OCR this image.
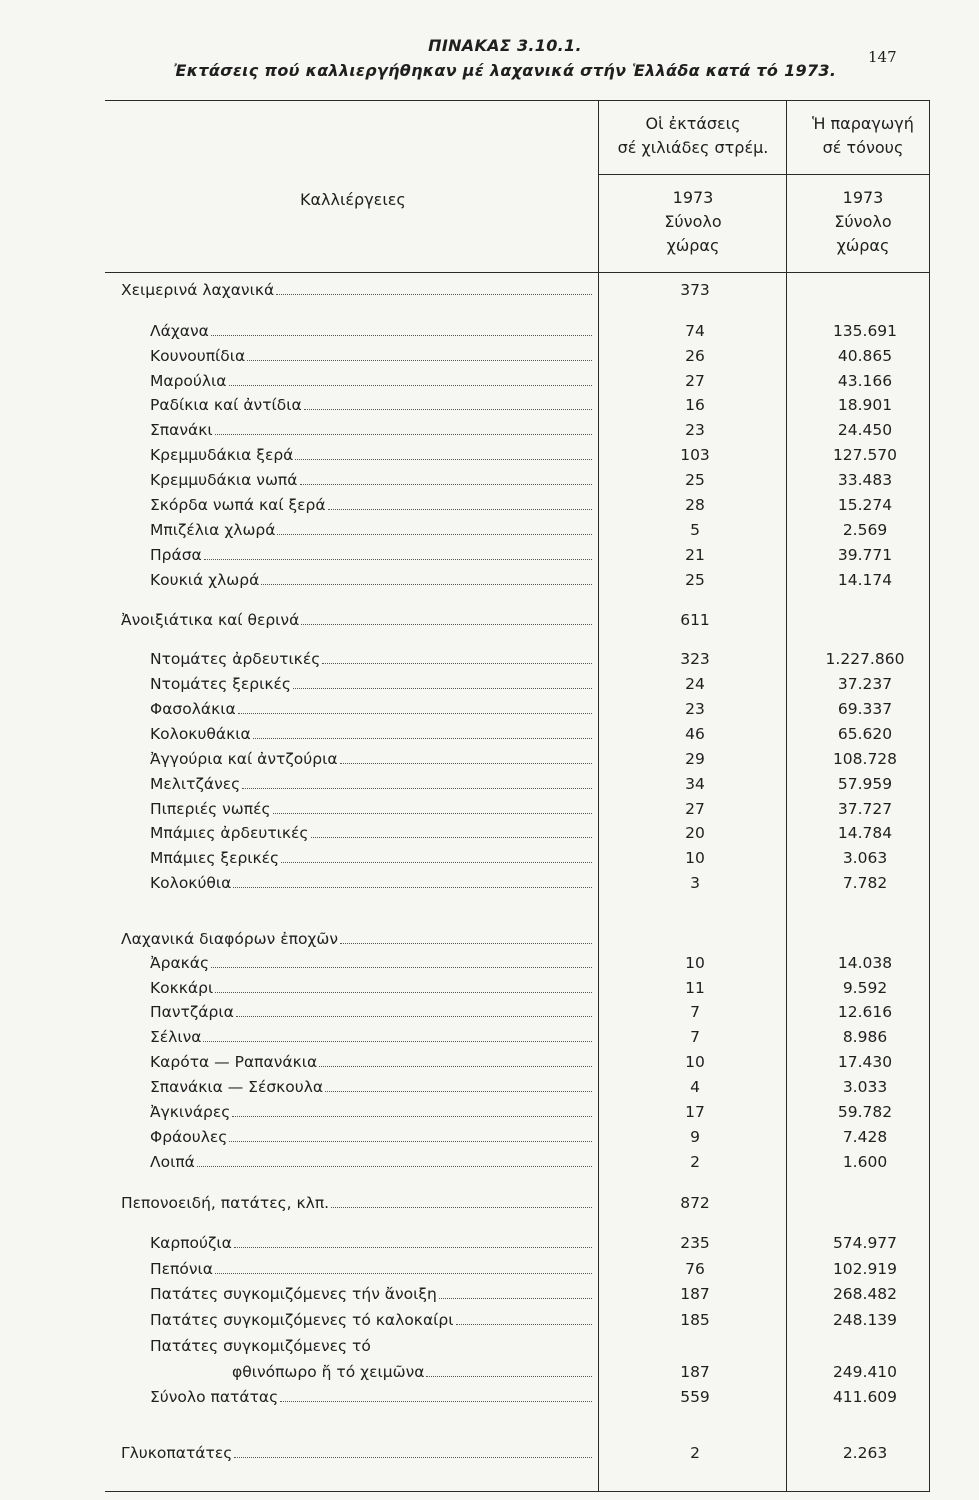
147
ΠΙΝΑΚΑΣ 3.10.1.
Ἐκτάσεις πού καλλιεργήθηκαν μέ λαχανικά στήν Ἑλλάδα κατά τό 1973.
Οἱ ἐκτάσεις
σέ χιλιάδες στρέμ.
1973
Σύνολο
χώρας
Ἡ παραγωγή
σέ τόνους
1973
Σύνολο
χώρας
Καλλιέργειες
Χειμερινά λαχανικά	373
Λάχανα	74	135.691
Κουνουπίδια	26	40.865
Μαρούλια	27	43.166
Ραδίκια καί ἀντίδια	16	18.901
Σπανάκι	23	24.450
Κρεμμυδάκια ξερά	103	127.570
Κρεμμυδάκια νωπά	25	33.483
Σκόρδα νωπά καί ξερά	28	15.274
Μπιζέλια χλωρά	5	2.569
Πράσα	21	39.771
Κουκιά χλωρά	25	14.174
Ἀνοιξιάτικα καί θερινά	611
Ντομάτες ἀρδευτικές	323	1.227.860
Ντομάτες ξερικές	24	37.237
Φασολάκια	23	69.337
Κολοκυθάκια	46	65.620
Ἀγγούρια καί ἀντζούρια	29	108.728
Μελιτζάνες	34	57.959
Πιπεριές νωπές	27	37.727
Μπάμιες ἀρδευτικές	20	14.784
Μπάμιες ξερικές	10	3.063
Κολοκύθια	3	7.782
Λαχανικά διαφόρων ἐποχῶν
Ἀρακάς	10	14.038
Κοκκάρι	11	9.592
Παντζάρια	7	12.616
Σέλινα	7	8.986
Καρότα — Ραπανάκια	10	17.430
Σπανάκια — Σέσκουλα	4	3.033
Ἀγκινάρες	17	59.782
Φράουλες	9	7.428
Λοιπά	2	1.600
Πεπονοειδή, πατάτες, κλπ.	872
Καρπούζια	235	574.977
Πεπόνια	76	102.919
Πατάτες συγκομιζόμενες τήν ἄνοιξη	187	268.482
Πατάτες συγκομιζόμενες τό καλοκαίρι	185	248.139
Πατάτες συγκομιζόμενες τό
φθινόπωρο ἤ τό χειμῶνα	187	249.410
Σύνολο πατάτας	559	411.609
Γλυκοπατάτες	2	2.263
